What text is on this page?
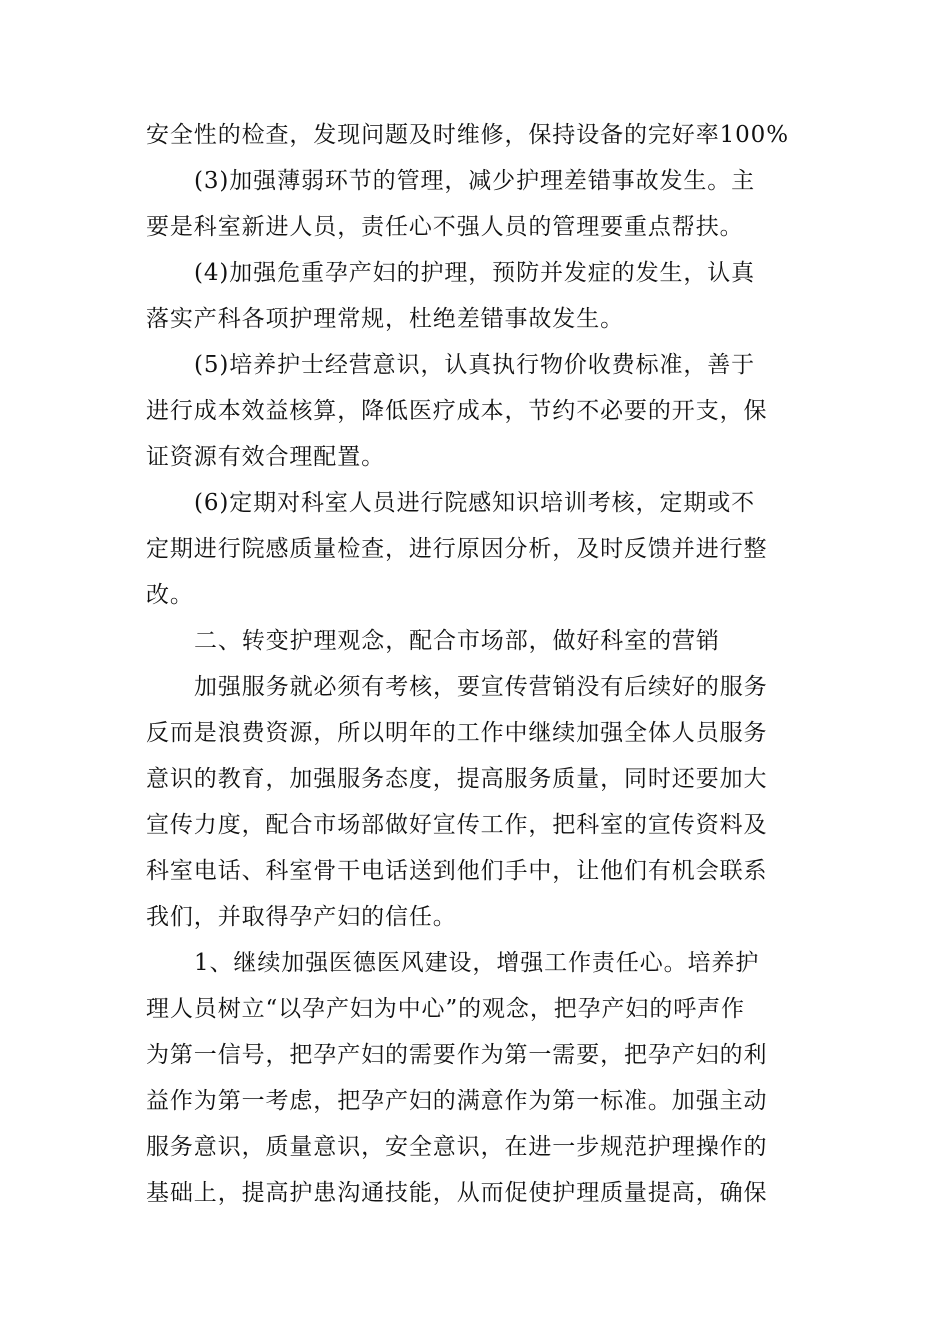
安全性的检查，发现问题及时维修，保持设备的完好率100%
(3)加强薄弱环节的管理，减少护理差错事故发生。主
要是科室新进人员，责任心不强人员的管理要重点帮扶。
(4)加强危重孕产妇的护理，预防并发症的发生，认真
落实产科各项护理常规，杜绝差错事故发生。
(5)培养护士经营意识，认真执行物价收费标准，善于
进行成本效益核算，降低医疗成本，节约不必要的开支，保
证资源有效合理配置。
(6)定期对科室人员进行院感知识培训考核，定期或不
定期进行院感质量检查，进行原因分析，及时反馈并进行整
改。
二、转变护理观念，配合市场部，做好科室的营销
加强服务就必须有考核，要宣传营销没有后续好的服务
反而是浪费资源，所以明年的工作中继续加强全体人员服务
意识的教育，加强服务态度，提高服务质量，同时还要加大
宣传力度，配合市场部做好宣传工作，把科室的宣传资料及
科室电话、科室骨干电话送到他们手中，让他们有机会联系
我们，并取得孕产妇的信任。
1、继续加强医德医风建设，增强工作责任心。培养护
理人员树立“以孕产妇为中心”的观念，把孕产妇的呼声作
为第一信号，把孕产妇的需要作为第一需要，把孕产妇的利
益作为第一考虑，把孕产妇的满意作为第一标准。加强主动
服务意识，质量意识，安全意识，在进一步规范护理操作的
基础上，提高护患沟通技能，从而促使护理质量提高，确保
